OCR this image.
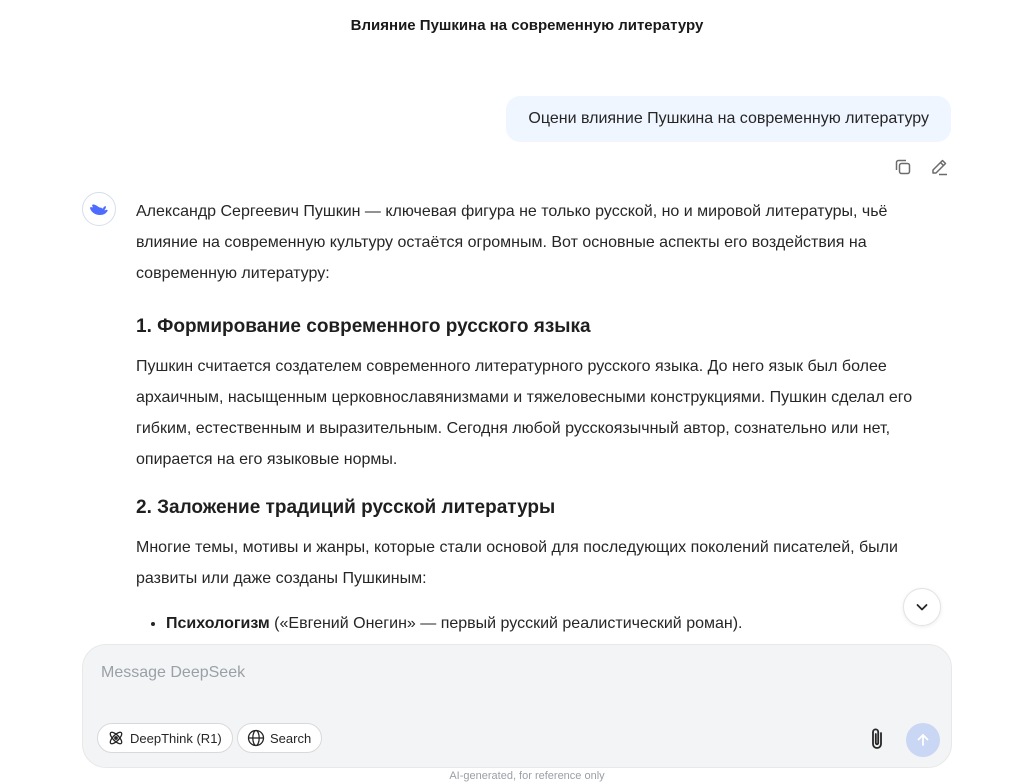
Влияние Пушкина на современную литературу
Оцени влияние Пушкина на современную литературу

Александр Сергеевич Пушкин — ключевая фигура не только русской, но и мировой литературы, чьё влияние на современную культуру остаётся огромным. Вот основные аспекты его воздействия на современную литературу:

1. Формирование современного русского языка

Пушкин считается создателем современного литературного русского языка. До него язык был более архаичным, насыщенным церковнославянизмами и тяжеловесными конструкциями. Пушкин сделал его гибким, естественным и выразительным. Сегодня любой русскоязычный автор, сознательно или нет, опирается на его языковые нормы.

2. Заложение традиций русской литературы

Многие темы, мотивы и жанры, которые стали основой для последующих поколений писателей, были развиты или даже созданы Пушкиным:

• Психологизм («Евгений Онегин» — первый русский реалистический роман).
Message DeepSeek
DeepThink (R1)	Search
AI-generated, for reference only
